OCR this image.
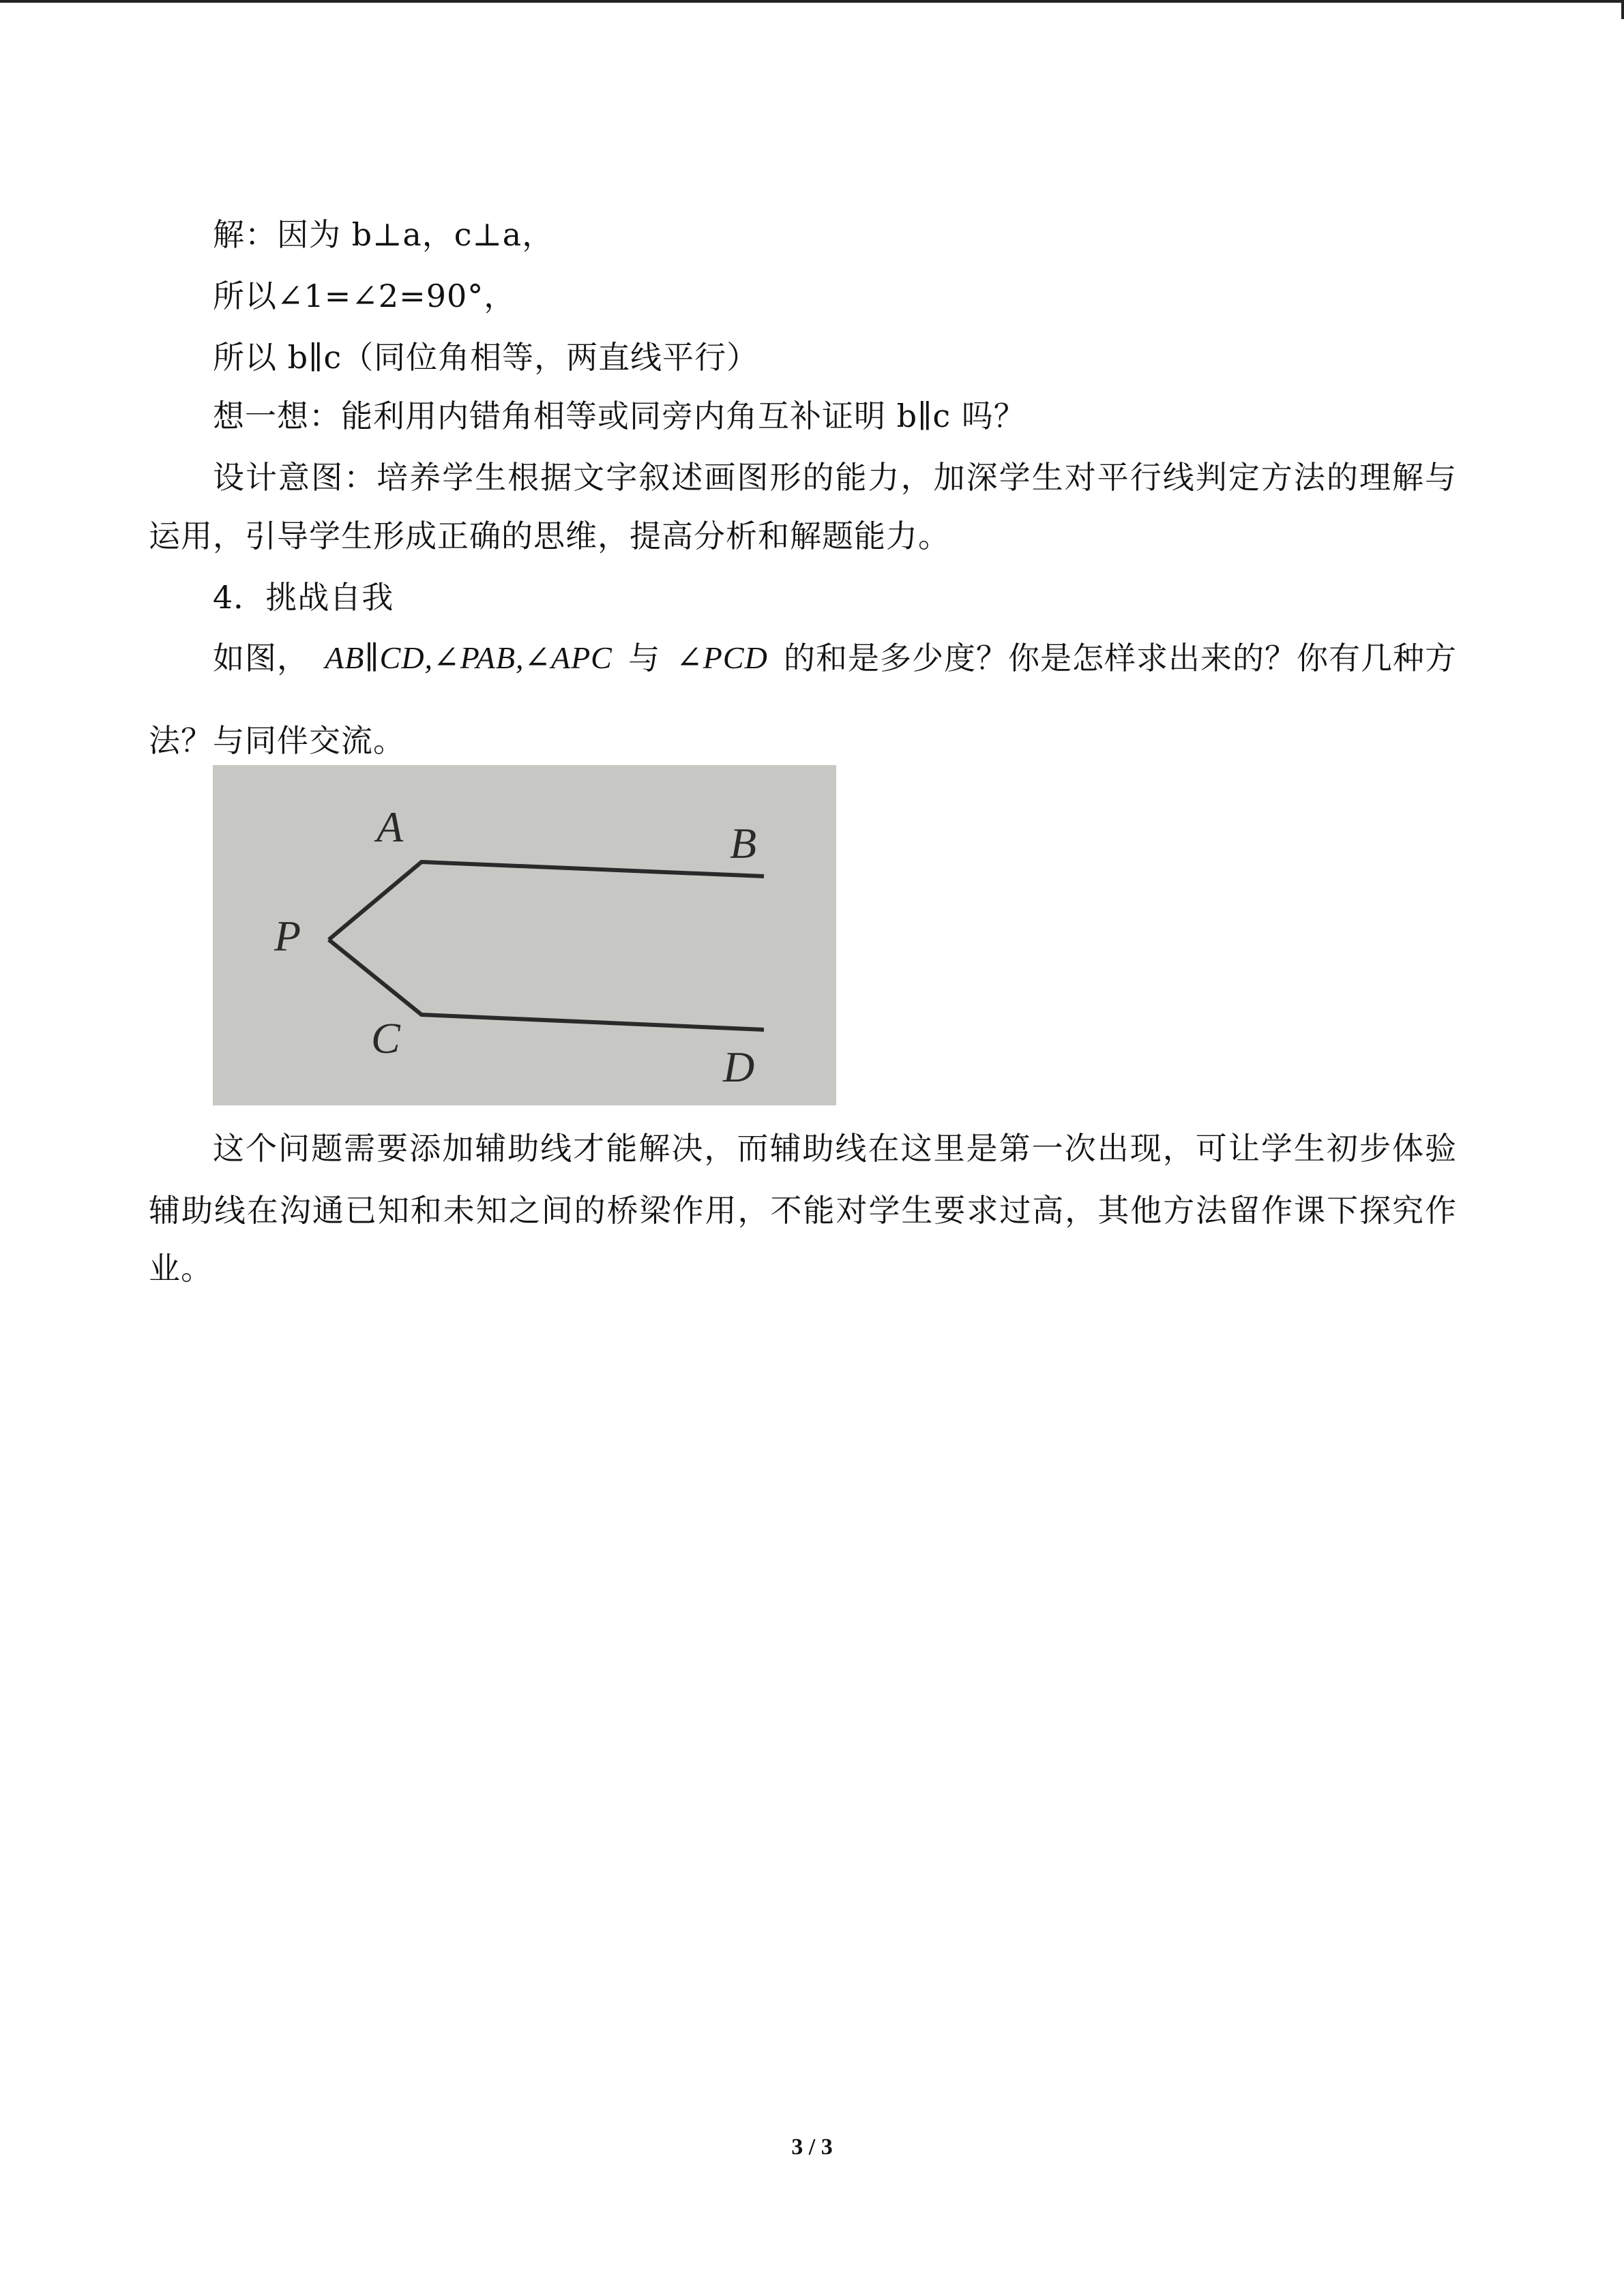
解：因为 b⊥a，c⊥a，
所以∠1=∠2=90°，
所以 b∥c（同位角相等，两直线平行）
想一想：能利用内错角相等或同旁内角互补证明 b∥c 吗？
设计意图：培养学生根据文字叙述画图形的能力，加深学生对平行线判定方法的理解与
运用，引导学生形成正确的思维，提高分析和解题能力。
4．挑战自我
如图， AB∥CD,∠PAB,∠APC 与 ∠PCD 的和是多少度？你是怎样求出来的？你有几种方
法？与同伴交流。
A	B
P
C
D
这个问题需要添加辅助线才能解决，而辅助线在这里是第一次出现，可让学生初步体验
辅助线在沟通已知和未知之间的桥梁作用，不能对学生要求过高，其他方法留作课下探究作
业。
3 / 3
